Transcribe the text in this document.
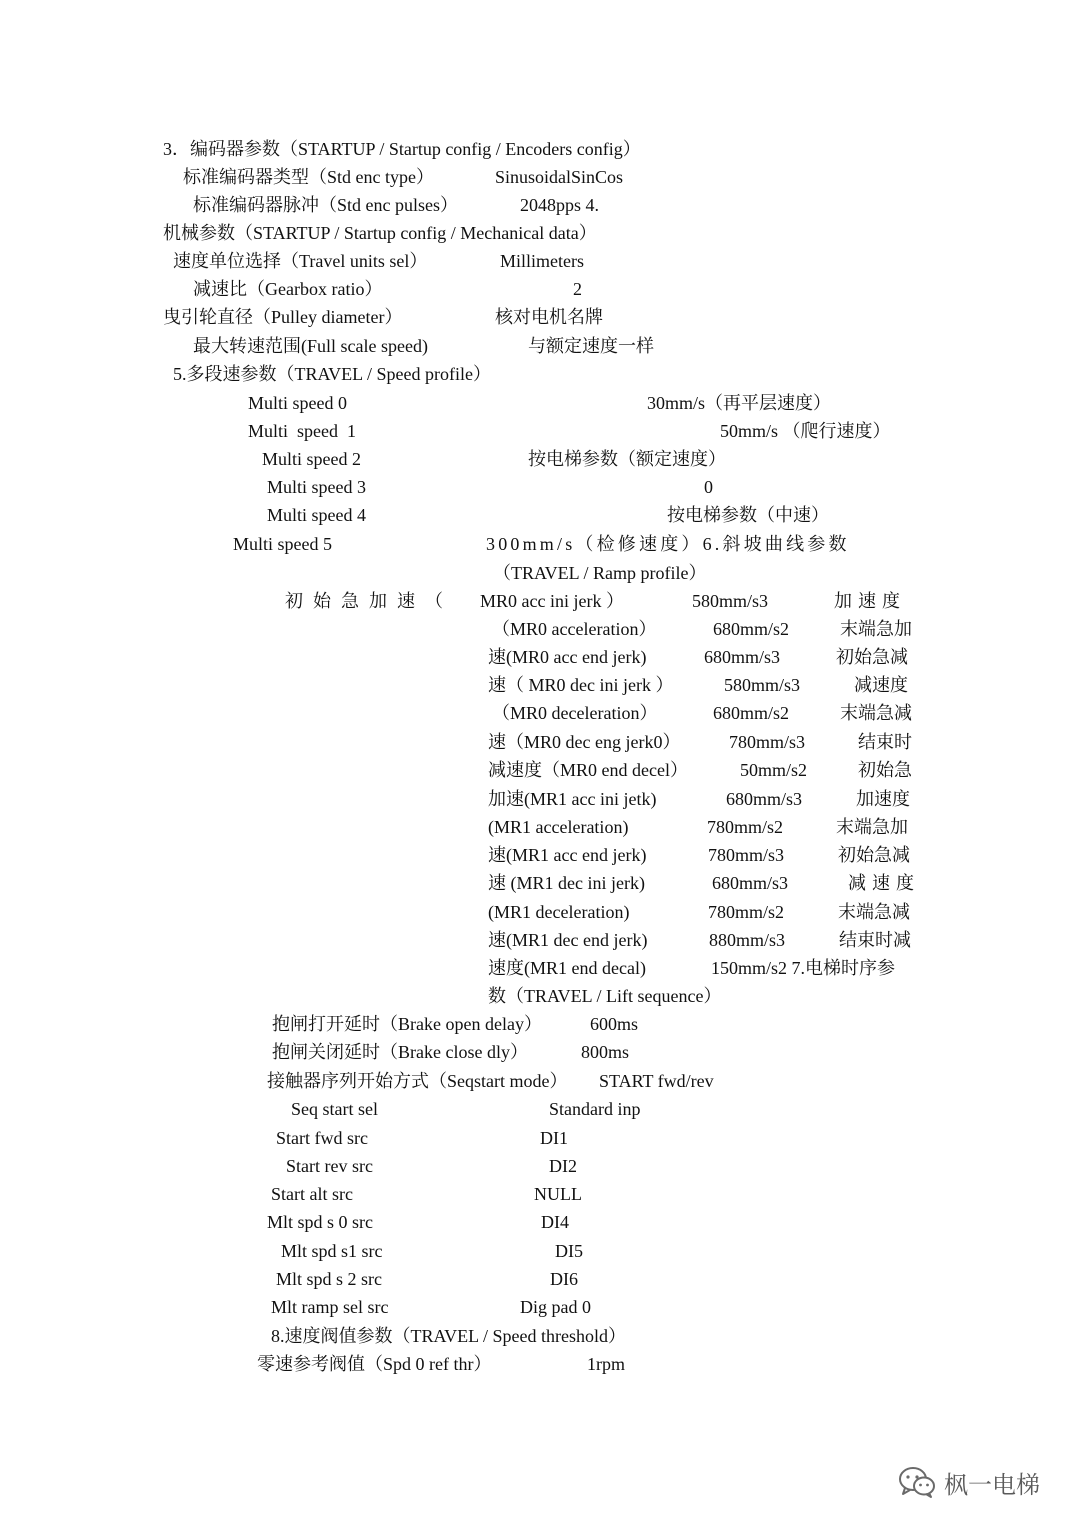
3．编码器参数（STARTUP / Startup config / Encoders config）
标准编码器类型（Std enc type）	SinusoidalSinCos
标准编码器脉冲（Std enc pulses）	2048pps 4.
机械参数（STARTUP / Startup config / Mechanical data）
速度单位选择（Travel units sel）	Millimeters
减速比（Gearbox ratio）	2
曳引轮直径（Pulley diameter）	核对电机名牌
最大转速范围(Full scale speed)	与额定速度一样
5.多段速参数（TRAVEL / Speed profile）
Multi speed 0	30mm/s（再平层速度）
Multi  speed  1	50mm/s （爬行速度）
Multi speed 2	按电梯参数（额定速度）
Multi speed 3	0
Multi speed 4	按电梯参数（中速）
Multi speed 5	300mm/s（检修速度）6.斜坡曲线参数
（TRAVEL / Ramp profile）
初始急加速（ MR0 acc ini jerk ）	580mm/s3	加速度
（MR0 acceleration）	680mm/s2	末端急加
速(MR0 acc end jerk)	680mm/s3	初始急减
速（ MR0 dec ini jerk ）	580mm/s3	减速度
（MR0 deceleration）	680mm/s2	末端急减
速（MR0 dec eng jerk0）	780mm/s3	结束时
减速度（MR0 end decel）	50mm/s2	初始急
加速(MR1 acc ini jetk)	680mm/s3	加速度
(MR1 acceleration)	780mm/s2	末端急加
速(MR1 acc end jerk)	780mm/s3	初始急减
速 (MR1 dec ini jerk)	680mm/s3	减速度
(MR1 deceleration)	780mm/s2	末端急减
速(MR1 dec end jerk)	880mm/s3	结束时减
速度(MR1 end decal)	150mm/s2 7.电梯时序参
数（TRAVEL / Lift sequence）
抱闸打开延时（Brake open delay）	600ms
抱闸关闭延时（Brake close dly）	800ms
接触器序列开始方式（Seqstart mode） START fwd/rev
Seq start sel	Standard inp
Start fwd src	DI1
Start rev src	DI2
Start alt src	NULL
Mlt spd s 0 src	DI4
Mlt spd s1 src	DI5
Mlt spd s 2 src	DI6
Mlt ramp sel src	Dig pad 0
8.速度阀值参数（TRAVEL / Speed threshold）
零速参考阀值（Spd 0 ref thr）	1rpm
枫一电梯
